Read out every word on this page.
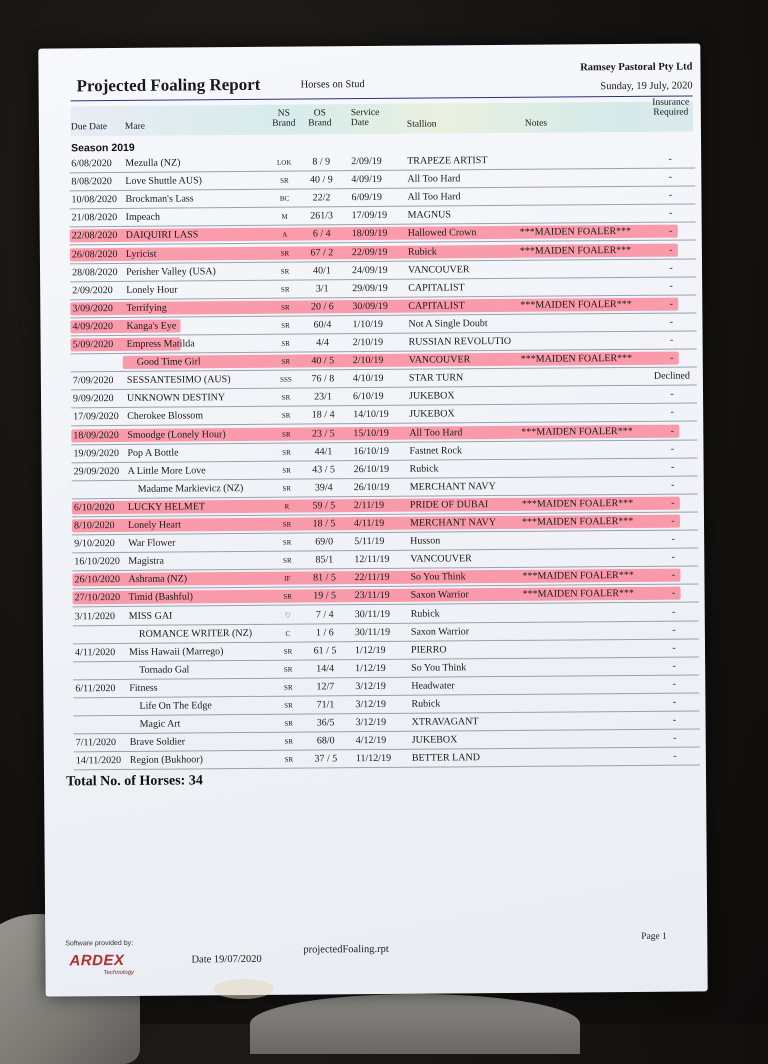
Projected Foaling Report	Horses on Stud
Ramsey Pastoral Pty Ltd
Sunday, 19 July, 2020
Due Date Mare
NS
Brand
OS
Brand
Service
Date	Stallion	Notes
Insurance
Required
Season 2019
6/08/2020 Mezulla (NZ)	LOK	8 / 9	2/09/19	TRAPEZE ARTIST	-
8/08/2020 Love Shuttle AUS)	SR	40 / 9	4/09/19	All Too Hard	-
10/08/2020 Brockman's Lass	BC	22/2	6/09/19	All Too Hard	-
21/08/2020 Impeach	M	261/3	17/09/19 MAGNUS	-
22/08/2020 DAIQUIRI LASS	A	6 / 4	18/09/19 Hallowed Crown	***MAIDEN FOALER***	-
26/08/2020 Lyricist	SR	67 / 2	22/09/19 Rubick	***MAIDEN FOALER***	-
28/08/2020 Perisher Valley (USA)	SR	40/1	24/09/19 VANCOUVER	-
2/09/2020 Lonely Hour	SR	3/1	29/09/19 CAPITALIST	-
3/09/2020 Terrifying	SR	20 / 6	30/09/19 CAPITALIST	***MAIDEN FOALER***	-
4/09/2020 Kanga's Eye	SR	60/4	1/10/19	Not A Single Doubt	-
5/09/2020 Empress Matilda	SR	4/4	2/10/19	RUSSIAN REVOLUTIO	-
Good Time Girl	SR	40 / 5	2/10/19	VANCOUVER	***MAIDEN FOALER***	-
7/09/2020 SESSANTESIMO (AUS)	SSS	76 / 8	4/10/19	STAR TURN	Declined
9/09/2020 UNKNOWN DESTINY	SR	23/1	6/10/19	JUKEBOX	-
17/09/2020 Cherokee Blossom	SR	18 / 4	14/10/19 JUKEBOX	-
18/09/2020 Smoodge (Lonely Hour)	SR	23 / 5	15/10/19 All Too Hard	***MAIDEN FOALER***	-
19/09/2020 Pop A Bottle	SR	44/1	16/10/19 Fastnet Rock	-
29/09/2020 A Little More Love	SR	43 / 5	26/10/19 Rubick	-
Madame Markievicz (NZ)	SR	39/4	26/10/19 MERCHANT NAVY	-
6/10/2020 LUCKY HELMET	R	59 / 5	2/11/19	PRIDE OF DUBAI	***MAIDEN FOALER***	-
8/10/2020 Lonely Heart	SR	18 / 5	4/11/19	MERCHANT NAVY	***MAIDEN FOALER***	-
9/10/2020 War Flower	SR	69/0	5/11/19	Husson	-
16/10/2020 Magistra	SR	85/1	12/11/19 VANCOUVER	-
26/10/2020 Ashrama (NZ)	IF	81 / 5	22/11/19 So You Think	***MAIDEN FOALER***	-
27/10/2020 Timid (Bashful)	SR	19 / 5	23/11/19 Saxon Warrior	***MAIDEN FOALER***	-
3/11/2020 MISS GAI	♡	7 / 4	30/11/19 Rubick	-
ROMANCE WRITER (NZ)	C	1 / 6	30/11/19 Saxon Warrior	-
4/11/2020 Miss Hawaii (Marrego)	SR	61 / 5	1/12/19	PIERRO	-
Tornado Gal	SR	14/4	1/12/19	So You Think	-
6/11/2020 Fitness	SR	12/7	3/12/19	Headwater	-
Life On The Edge	SR	71/1	3/12/19	Rubick	-
Magic Art	SR	36/5	3/12/19	XTRAVAGANT	-
7/11/2020 Brave Soldier	SR	68/0	4/12/19	JUKEBOX	-
14/11/2020 Region (Bukhoor)	SR	37 / 5	11/12/19 BETTER LAND	-
Total No. of Horses: 34
Software provided by:
ARDEX
Technology
Date 19/07/2020
projectedFoaling.rpt
Page 1
